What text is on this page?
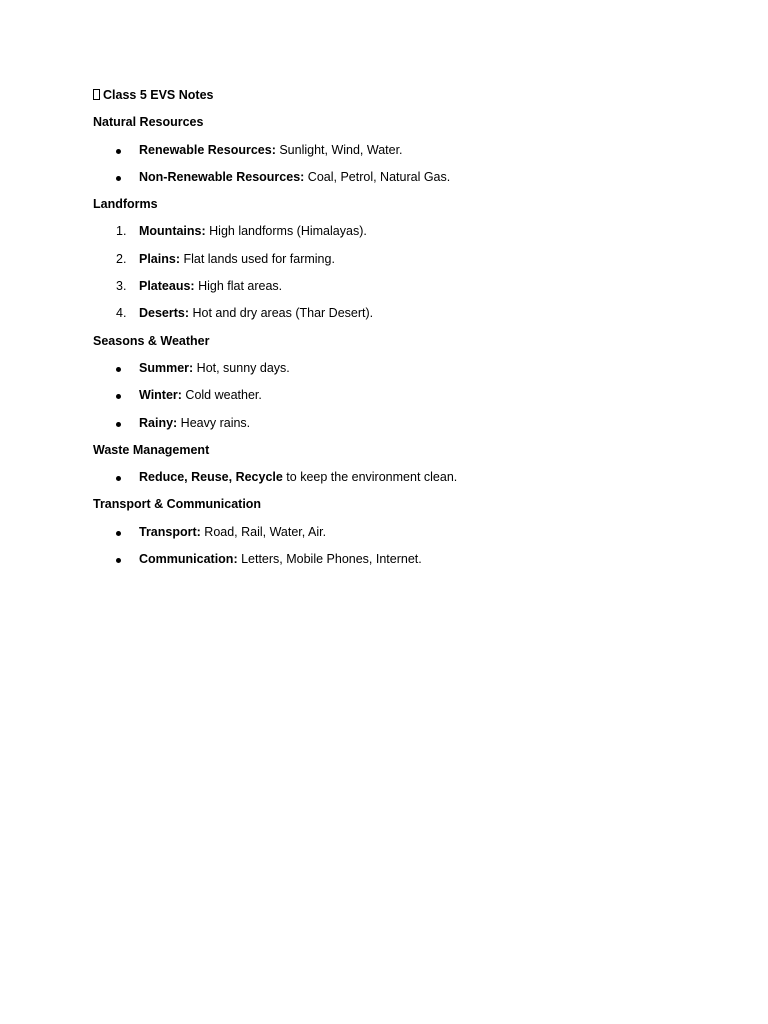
Class 5 EVS Notes
Natural Resources
Renewable Resources: Sunlight, Wind, Water.
Non-Renewable Resources: Coal, Petrol, Natural Gas.
Landforms
1.	Mountains: High landforms (Himalayas).
2.	Plains: Flat lands used for farming.
3.	Plateaus: High flat areas.
4.	Deserts: Hot and dry areas (Thar Desert).
Seasons & Weather
Summer: Hot, sunny days.
Winter: Cold weather.
Rainy: Heavy rains.
Waste Management
Reduce, Reuse, Recycle to keep the environment clean.
Transport & Communication
Transport: Road, Rail, Water, Air.
Communication: Letters, Mobile Phones, Internet.
